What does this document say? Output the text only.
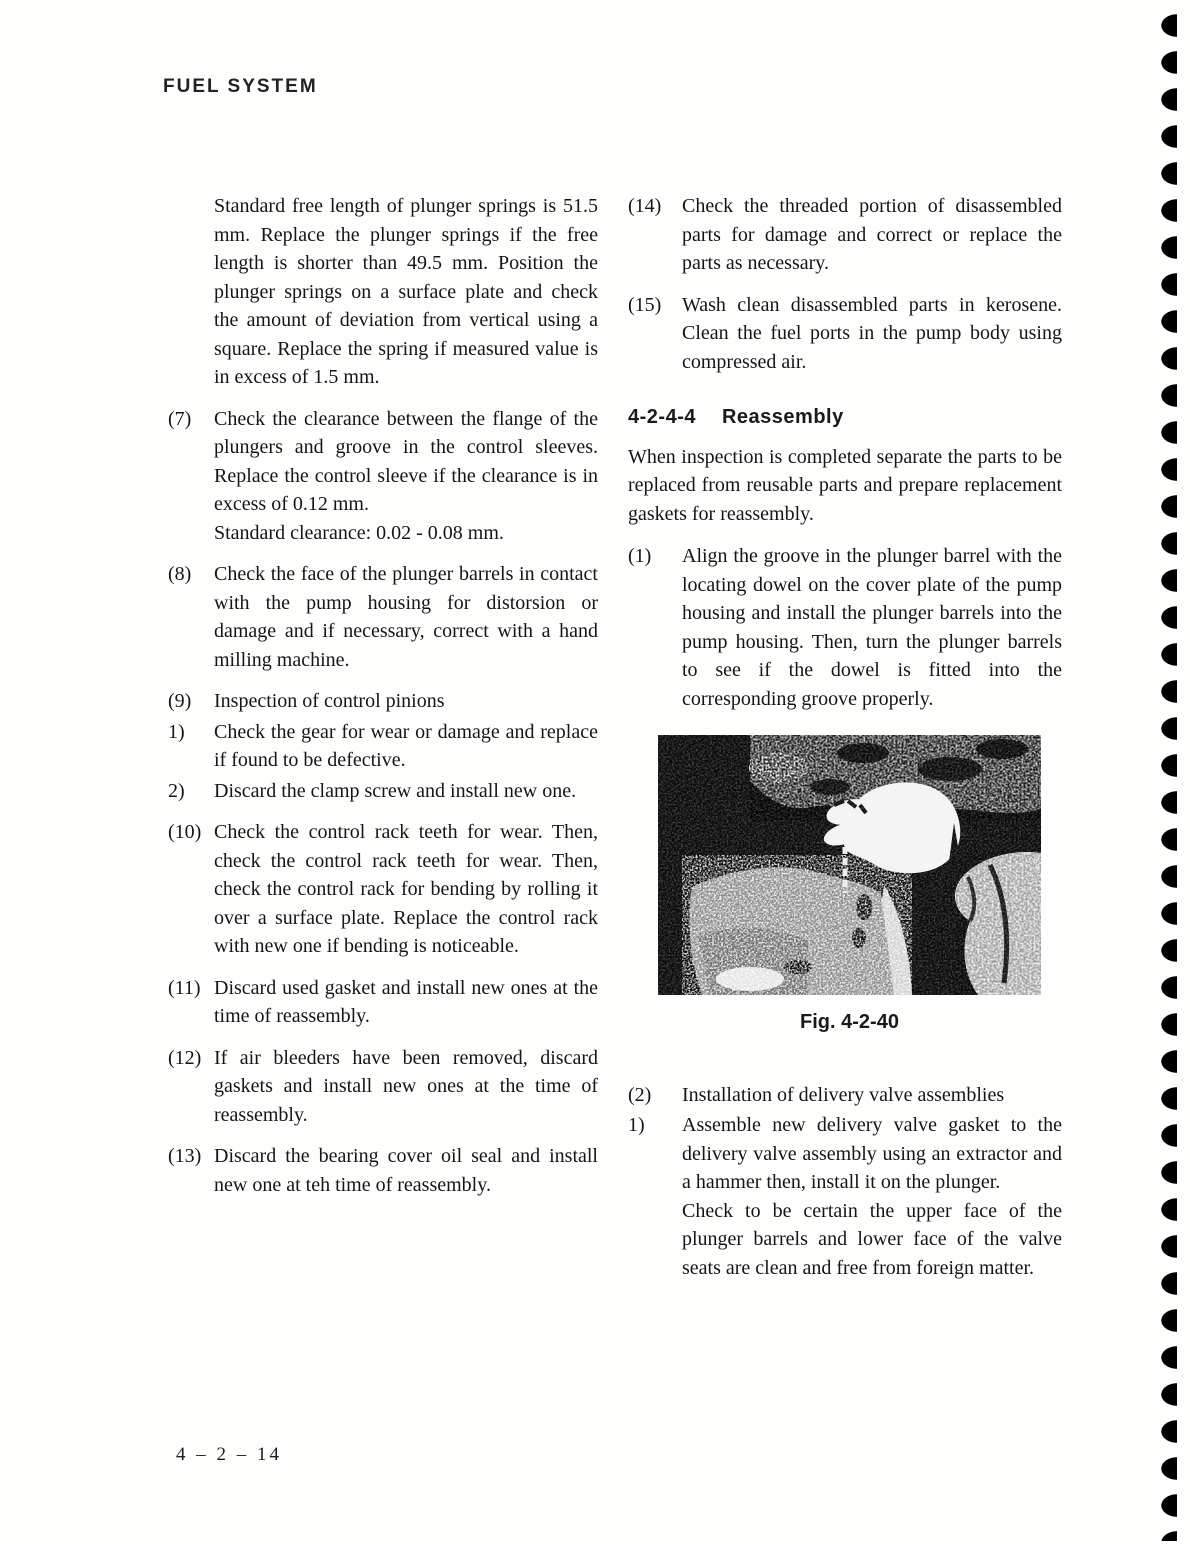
FUEL SYSTEM

Standard free length of plunger springs is 51.5 mm. Replace the plunger springs if the free length is shorter than 49.5 mm. Position the plunger springs on a surface plate and check the amount of deviation from vertical using a square. Replace the spring if measured value is in excess of 1.5 mm.

(7)	Check the clearance between the flange of the plungers and groove in the control sleeves. Replace the control sleeve if the clearance is in excess of 0.12 mm.

Standard clearance: 0.02 - 0.08 mm.

(8)	Check the face of the plunger barrels in contact with the pump housing for distorsion or damage and if necessary, correct with a hand milling machine.

(9)	Inspection of control pinions

1)	Check the gear for wear or damage and replace if found to be defective.

2)	Discard the clamp screw and install new one.

(10) Check the control rack teeth for wear. Then, check the control rack teeth for wear. Then, check the control rack for bending by rolling it over a surface plate. Replace the control rack with new one if bending is noticeable.

(11) Discard used gasket and install new ones at the time of reassembly.

(12) If air bleeders have been removed, discard gaskets and install new ones at the time of reassembly.

(13) Discard the bearing cover oil seal and install new one at teh time of reassembly.

(14)	Check the threaded portion of disassembled parts for damage and correct or replace the parts as necessary.

(15)	Wash clean disassembled parts in kerosene. Clean the fuel ports in the pump body using compressed air.

4-2-4-4 Reassembly

When inspection is completed separate the parts to be replaced from reusable parts and prepare replacement gaskets for reassembly.

(1)	Align the groove in the plunger barrel with the locating dowel on the cover plate of the pump housing and install the plunger barrels into the pump housing. Then, turn the plunger barrels to see if the dowel is fitted into the corresponding groove properly.

Fig. 4-2-40
(2)	Installation of delivery valve assemblies

1)	Assemble new delivery valve gasket to the delivery valve assembly using an extractor and a hammer then, install it on the plunger.

Check to be certain the upper face of the plunger barrels and lower face of the valve seats are clean and free from foreign matter.

4 – 2 – 14
